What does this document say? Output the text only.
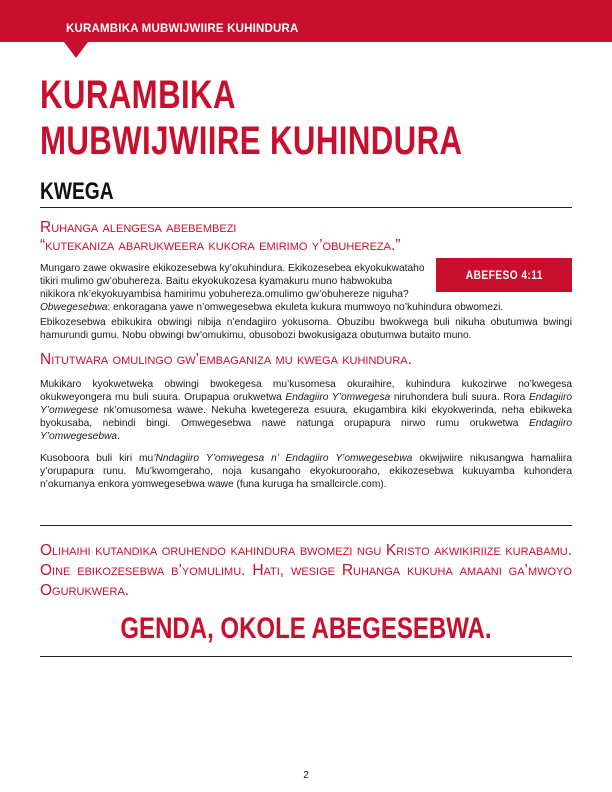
KURAMBIKA MUBWIJWIIRE KUHINDURA
KURAMBIKA
MUBWIJWIIRE KUHINDURA
KWEGA

Ruhanga alengesa abebembezi
“kutekaniza abarukweera kukora emirimo y’obuhereza.”

ABEFESO 4:11

Mungaro zawe okwasire ekikozesebwa ky’okuhindura. Ekikozesebea ekyokukwataho
tikiri mulimo gw’obuhereza. Baitu ekyokukozesa kyamakuru muno habwokuba
nikikora nk’ekyokuyambisa hamirimu yobuhereza.omulimo gw’obuhereze niguha?
Obwegesebwa: enkoragana yawe n’omwegesebwa ekuleta kukura mumwoyo no’kuhindura obwomezi.

Ebikozesebwa ebikukira obwingi nibija n’endagiiro yokusoma. Obuzibu bwokwega buli nikuha obutumwa bwingi hamurundi gumu. Nobu obwingi bw’omukimu, obusobozi bwokusigaza obutumwa butaito muno.

Nitutwara omulingo gw’embaganiza mu kwega kuhindura.

Mukikaro kyokwetweka obwingi bwokegesa mu’kusomesa okuraihire, kuhindura kukozirwe no’kwegesa okukweyongera mu buli suura. Orupapua orukwetwa Endagiiro Y’omwegesa niruhondera buli suura. Rora Endagiiro Y’omwegese nk’omusomesa wawe. Nekuha kwetegereza esuura, ekugambira kiki ekyokwerinda, neha ebikweka byokusaba, nebindi bingi. Omwegesebwa nawe natunga orupapura nirwo rumu orukwetwa Endagiiro Y’omwegesebwa.

Kusoboora buli kiri mu’Nndagiiro Y’omwegesa n’ Endagiiro Y’omwegesebwa okwijwiire nikusangwa hamaliira y’orupapura runu. Mu’kwomgeraho, noja kusangaho ekyokurooraho, ekikozesebwa kukuyamba kuhondera n’okumanya enkora yomwegesebwa wawe (funa kuruga ha smallcircle.com).

Olihaihi kutandika oruhendo kahindura bwomezi ngu Kristo akwikiriize kurabamu. Oine ebikozesebwa b’yomulimu. Hati, wesige Ruhanga kukuha amaani ga’mwoyo Ogurukwera.

GENDA, OKOLE ABEGESEBWA.

2
